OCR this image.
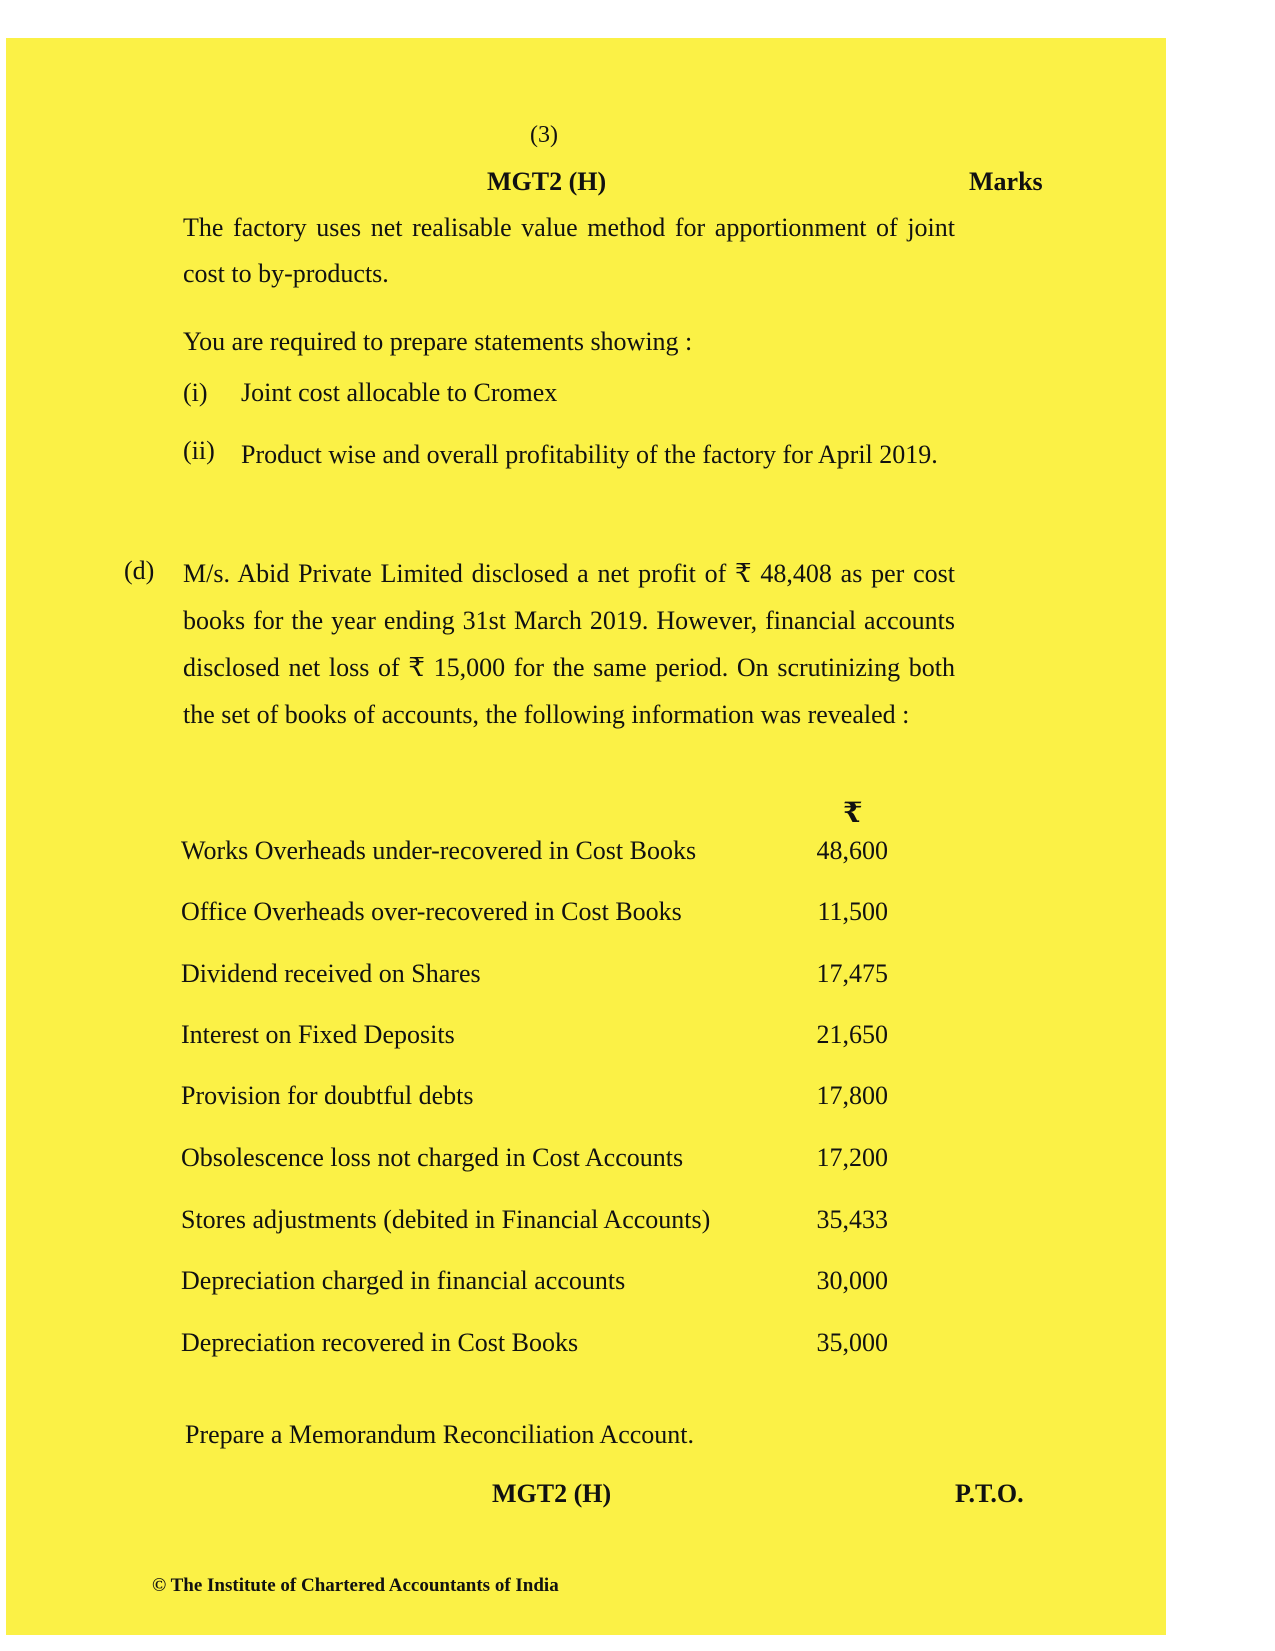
(3)
MGT2 (H)	Marks
The factory uses net realisable value method for apportionment of joint cost to by-products.
You are required to prepare statements showing :
(i) Joint cost allocable to Cromex
(ii) Product wise and overall profitability of the factory for April 2019.
(d) M/s. Abid Private Limited disclosed a net profit of ₹ 48,408 as per cost books for the year ending 31st March 2019. However, financial accounts disclosed net loss of ₹ 15,000 for the same period. On scrutinizing both the set of books of accounts, the following information was revealed :
₹
Works Overheads under-recovered in Cost Books	48,600
Office Overheads over-recovered in Cost Books	11,500
Dividend received on Shares	17,475
Interest on Fixed Deposits	21,650
Provision for doubtful debts	17,800
Obsolescence loss not charged in Cost Accounts	17,200
Stores adjustments (debited in Financial Accounts)	35,433
Depreciation charged in financial accounts	30,000
Depreciation recovered in Cost Books	35,000
Prepare a Memorandum Reconciliation Account.
MGT2 (H)	P.T.O.
© The Institute of Chartered Accountants of India
